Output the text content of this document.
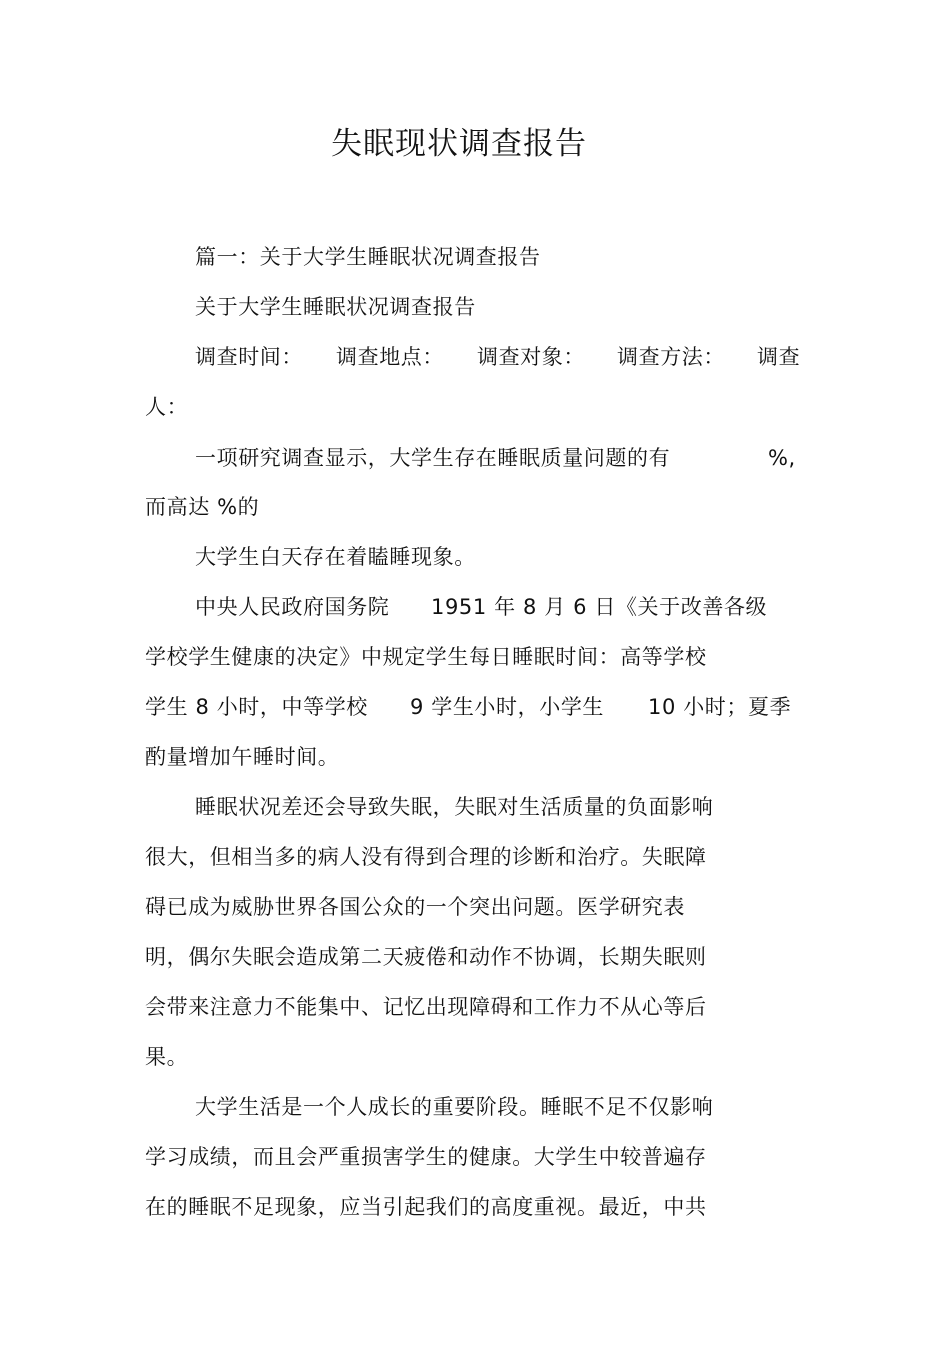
失眠现状调查报告
篇一：关于大学生睡眠状况调查报告
关于大学生睡眠状况调查报告
调查时间： 调查地点： 调查对象： 调查方法： 调查
人：
一项研究调查显示，大学生存在睡眠质量问题的有	%,
而高达 %的
大学生白天存在着瞌睡现象。
中央人民政府国务院 1951 年 8 月 6 日《关于改善各级
学校学生健康的决定》中规定学生每日睡眠时间：高等学校
学生 8 小时，中等学校 9 学生小时，小学生 10 小时；夏季
酌量增加午睡时间。
睡眠状况差还会导致失眠，失眠对生活质量的负面影响
很大，但相当多的病人没有得到合理的诊断和治疗。失眠障
碍已成为威胁世界各国公众的一个突出问题。医学研究表
明，偶尔失眠会造成第二天疲倦和动作不协调，长期失眠则
会带来注意力不能集中、记忆出现障碍和工作力不从心等后
果。
大学生活是一个人成长的重要阶段。睡眠不足不仅影响
学习成绩，而且会严重损害学生的健康。大学生中较普遍存
在的睡眠不足现象，应当引起我们的高度重视。最近，中共
